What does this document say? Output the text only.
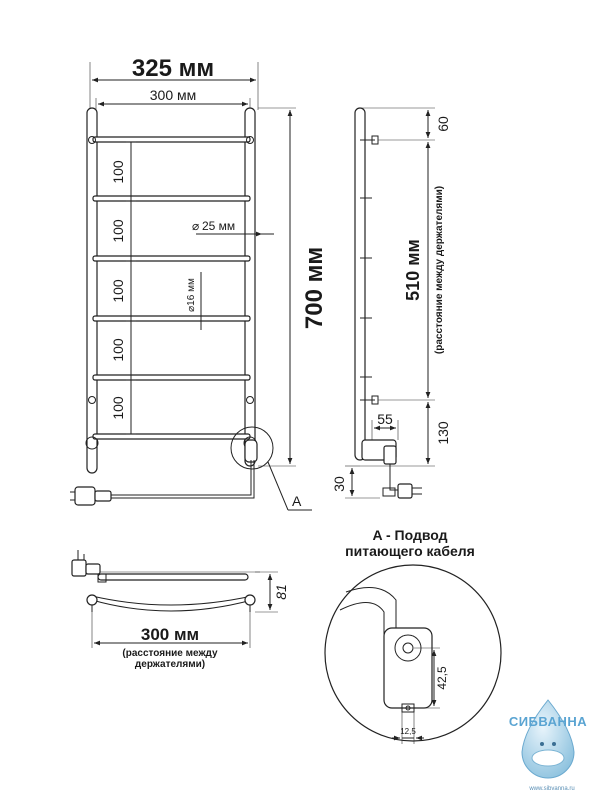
325 мм
300 мм
100
100
100
100
100
⌀ 25 мм
⌀16 мм	700 мм
A
60
510 мм (расстояние между держателями)
130
55
30
81
300 мм
(расстояние между
держателями)
A - Подвод
питающего кабеля
42,5
12,5
СИБВАННА
www.sibvanna.ru
